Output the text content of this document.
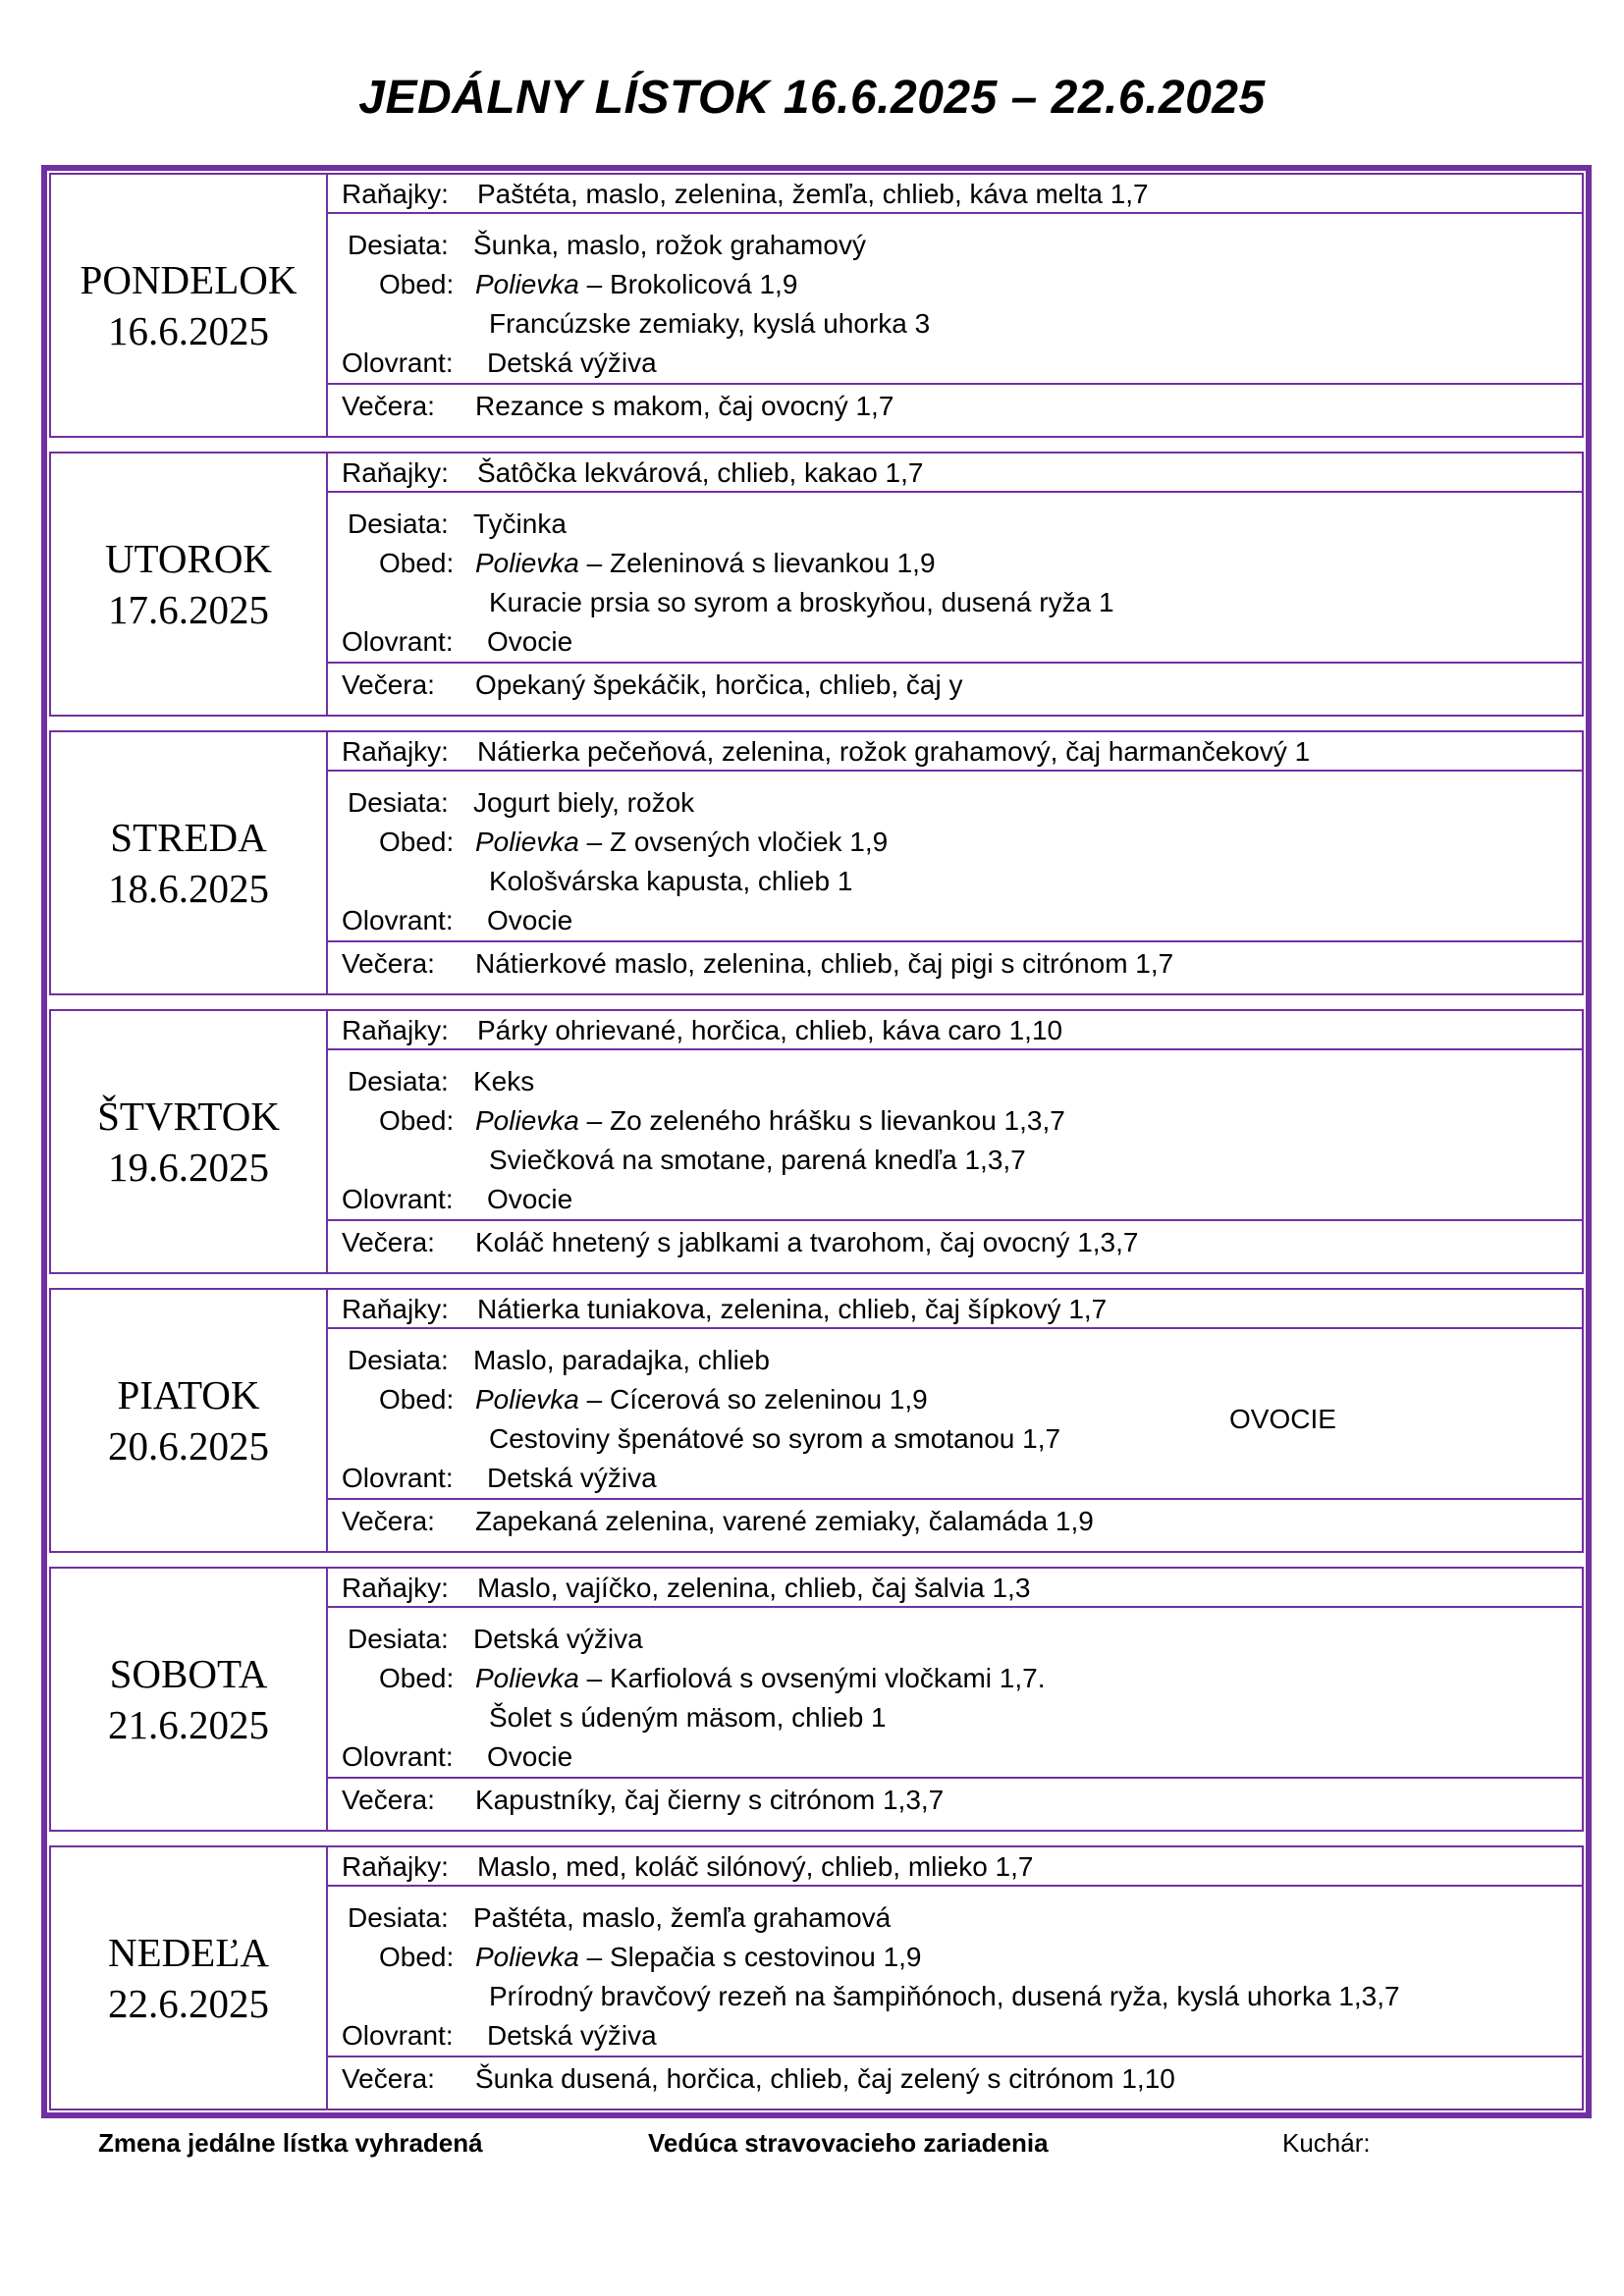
JEDÁLNY LÍSTOK 16.6.2025 – 22.6.2025
PONDELOK
16.6.2025
Raňajky: Paštéta, maslo, zelenina, žemľa, chlieb, káva melta 1,7
Desiata: Šunka, maslo, rožok grahamový
Obed: Polievka – Brokolicová 1,9
Francúzske zemiaky, kyslá uhorka 3
Olovrant: Detská výživa
Večera: Rezance s makom, čaj ovocný 1,7
UTOROK
17.6.2025
Raňajky: Šatôčka lekvárová, chlieb, kakao 1,7
Desiata: Tyčinka
Obed: Polievka – Zeleninová s lievankou 1,9
Kuracie prsia so syrom a broskyňou, dusená ryža 1
Olovrant: Ovocie
Večera: Opekaný špekáčik, horčica, chlieb, čaj y
STREDA
18.6.2025
Raňajky: Nátierka pečeňová, zelenina, rožok grahamový, čaj harmančekový 1
Desiata: Jogurt biely, rožok
Obed: Polievka – Z ovsených vločiek 1,9
Kološvárska kapusta, chlieb 1
Olovrant: Ovocie
Večera: Nátierkové maslo, zelenina, chlieb, čaj pigi s citrónom 1,7
ŠTVRTOK
19.6.2025
Raňajky: Párky ohrievané, horčica, chlieb, káva caro 1,10
Desiata: Keks
Obed: Polievka – Zo zeleného hrášku s lievankou 1,3,7
Sviečková na smotane, parená knedľa 1,3,7
Olovrant: Ovocie
Večera: Koláč hnetený s jablkami a tvarohom, čaj ovocný 1,3,7
PIATOK
20.6.2025
Raňajky: Nátierka tuniakova, zelenina, chlieb, čaj šípkový 1,7
Desiata: Maslo, paradajka, chlieb
Obed: Polievka – Cícerová so zeleninou 1,9
Cestoviny špenátové so syrom a smotanou 1,7
Olovrant: Detská výživa
OVOCIE
Večera: Zapekaná zelenina, varené zemiaky, čalamáda 1,9
SOBOTA
21.6.2025
Raňajky: Maslo, vajíčko, zelenina, chlieb, čaj šalvia 1,3
Desiata: Detská výživa
Obed: Polievka – Karfiolová s ovsenými vločkami 1,7.
Šolet s údeným mäsom, chlieb 1
Olovrant: Ovocie
Večera: Kapustníky, čaj čierny s citrónom 1,3,7
NEDEĽA
22.6.2025
Raňajky: Maslo, med, koláč silónový, chlieb, mlieko 1,7
Desiata: Paštéta, maslo, žemľa grahamová
Obed: Polievka – Slepačia s cestovinou 1,9
Prírodný bravčový rezeň na šampiňónoch, dusená ryža, kyslá uhorka 1,3,7
Olovrant: Detská výživa
Večera: Šunka dusená, horčica, chlieb, čaj zelený s citrónom 1,10
Zmena jedálne lístka vyhradená	Vedúca stravovacieho zariadenia	Kuchár:
